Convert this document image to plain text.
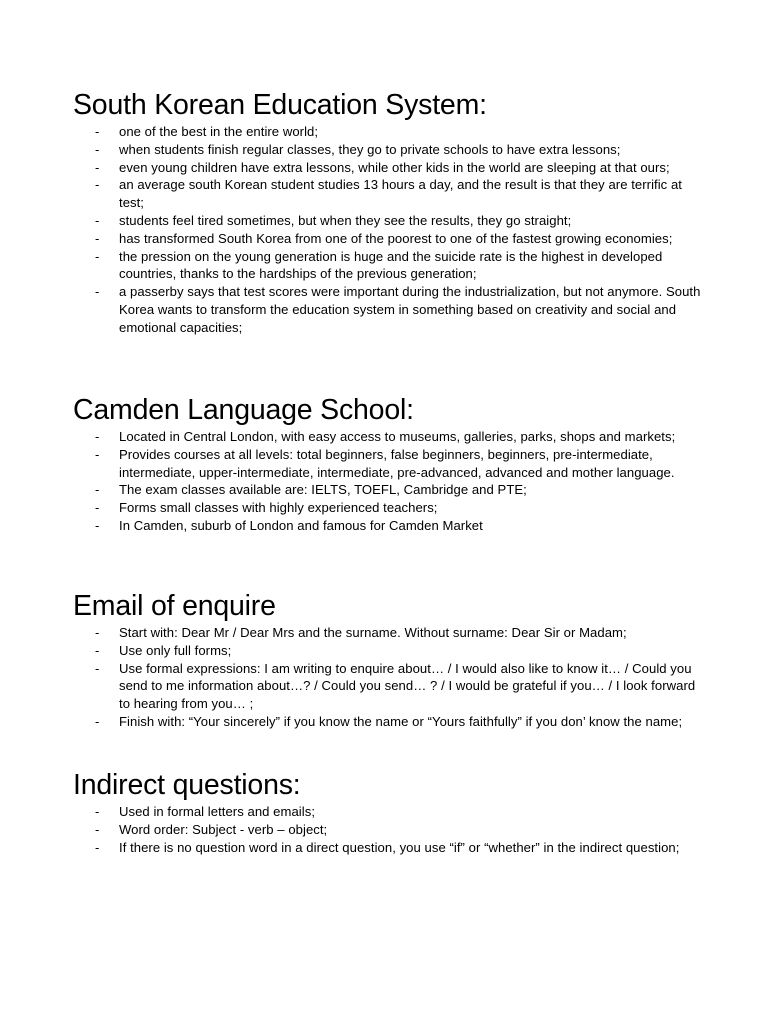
South Korean Education System:
- one of the best in the entire world;
- when students finish regular classes, they go to private schools to have extra lessons;
- even young children have extra lessons, while other kids in the world are sleeping at that ours;
- an average south Korean student studies 13 hours a day, and the result is that they are terrific at test;
- students feel tired sometimes, but when they see the results, they go straight;
- has transformed South Korea from one of the poorest to one of the fastest growing economies;
- the pression on the young generation is huge and the suicide rate is the highest in developed countries, thanks to the hardships of the previous generation;
- a passerby says that test scores were important during the industrialization, but not anymore. South Korea wants to transform the education system in something based on creativity and social and emotional capacities;
Camden Language School:
- Located in Central London, with easy access to museums, galleries, parks, shops and markets;
- Provides courses at all levels: total beginners, false beginners, beginners, pre-intermediate, intermediate, upper-intermediate, intermediate, pre-advanced, advanced and mother language.
- The exam classes available are: IELTS, TOEFL, Cambridge and PTE;
- Forms small classes with highly experienced teachers;
- In Camden, suburb of London and famous for Camden Market
Email of enquire
- Start with: Dear Mr / Dear Mrs and the surname. Without surname: Dear Sir or Madam;
- Use only full forms;
- Use formal expressions: I am writing to enquire about… / I would also like to know it… / Could you send to me information about…? / Could you send… ? / I would be grateful if you… / I look forward to hearing from you… ;
- Finish with: “Your sincerely” if you know the name or “Yours faithfully” if you don’ know the name;
Indirect questions:
- Used in formal letters and emails;
- Word order: Subject - verb – object;
- If there is no question word in a direct question, you use “if” or “whether” in the indirect question;
